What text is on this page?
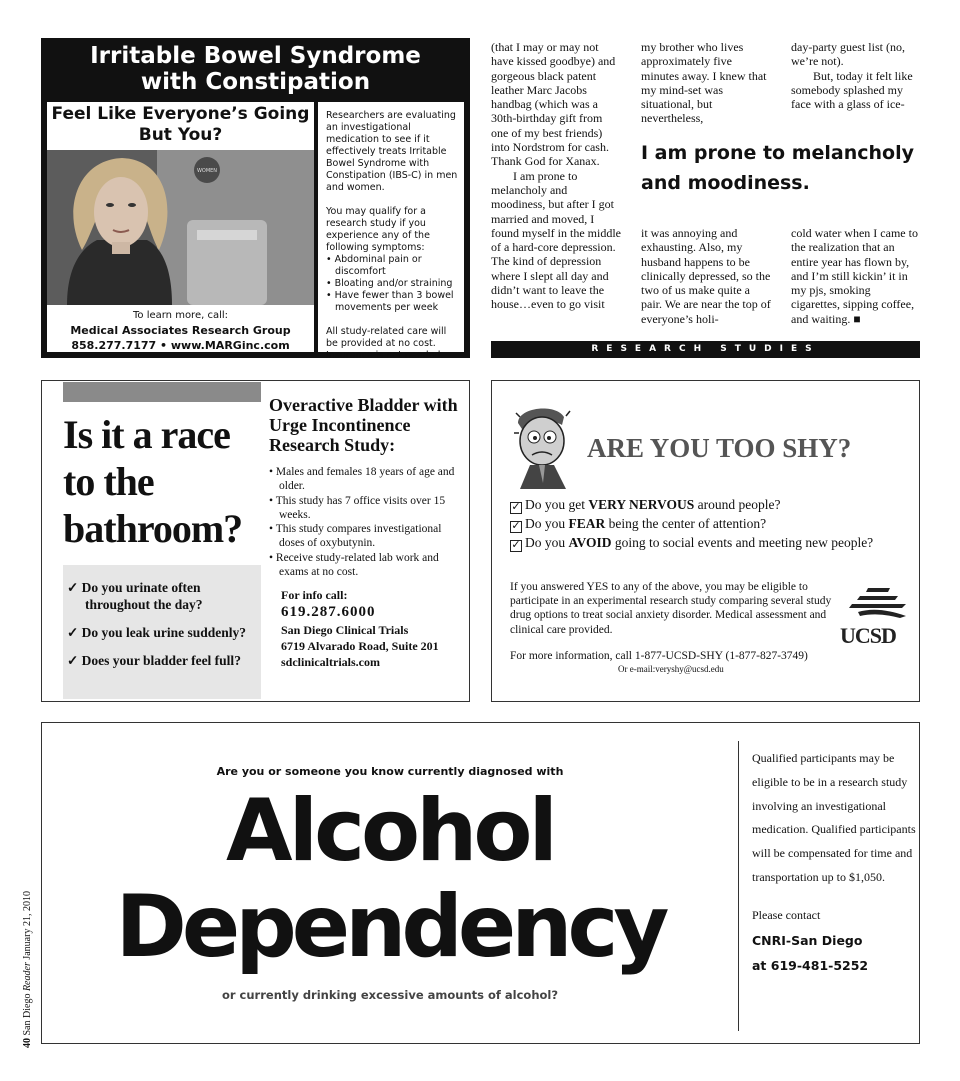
Irritable Bowel Syndrome
with Constipation
Feel Like Everyone’s Going But You?
WOMEN
To learn more, call:
Medical Associates Research Group
858.277.7177 • www.MARGinc.com

Researchers are evaluating an investigational medication to see if it effectively treats Irritable Bowel Syndrome with Constipation (IBS-C) in men and women.

You may qualify for a research study if you experience any of the following symptoms:

• Abdominal pain or discomfort
• Bloating and/or straining
• Have fewer than 3 bowel movements per week

All study-related care will be provided at no cost. Insurance is not needed.

(that I may or may not have kissed goodbye) and gorgeous black patent leather Marc Jacobs handbag (which was a 30th-birthday gift from one of my best friends) into Nordstrom for cash. Thank God for Xanax.

I am prone to melancholy and moodiness, but after I got married and moved, I found myself in the middle of a hard-core depression. The kind of depression where I slept all day and didn’t want to leave the house…even to go visit

my brother who lives approximately five minutes away. I knew that my mind-set was situational, but nevertheless,

day-party guest list (no, we’re not).

But, today it felt like somebody splashed my face with a glass of ice-

I am prone to melancholy and moodiness.

it was annoying and exhausting. Also, my husband happens to be clinically depressed, so the two of us make quite a pair. We are near the top of everyone’s holi-

cold water when I came to the realization that an entire year has flown by, and I’m still kickin’ it in my pjs, smoking cigarettes, sipping coffee, and waiting. ■

RESEARCH STUDIES
Is it a race
to the
bathroom?
✓ Do you urinate often throughout the day?
✓ Do you leak urine suddenly?
✓ Does your bladder feel full?
Overactive Bladder with Urge Incontinence Research Study:
• Males and females 18 years of age and older.
• This study has 7 office visits over 15 weeks.
• This study compares investigational doses of oxybutynin.
• Receive study-related lab work and exams at no cost.
For info call:
619.287.6000
San Diego Clinical Trials
6719 Alvarado Road, Suite 201
sdclinicaltrials.com
ARE YOU TOO SHY?
✓ Do you get VERY NERVOUS around people?
✓ Do you FEAR being the center of attention?
✓ Do you AVOID going to social events and meeting new people?
If you answered YES to any of the above, you may be eligible to participate in an experimental research study comparing several study drug options to treat social anxiety disorder. Medical assessment and clinical care provided.	UCSD
For more information, call 1-877-UCSD-SHY (1-877-827-3749)
Or e-mail:veryshy@ucsd.edu
Are you or someone you know currently diagnosed with
Alcohol
Dependency
or currently drinking excessive amounts of alcohol?

Qualified participants may be eligible to be in a research study involving an investigational medication. Qualified participants will be compensated for time and transportation up to $1,050.

Please contact

CNRI-San Diego
at 619-481-5252
40 San Diego Reader January 21, 2010
